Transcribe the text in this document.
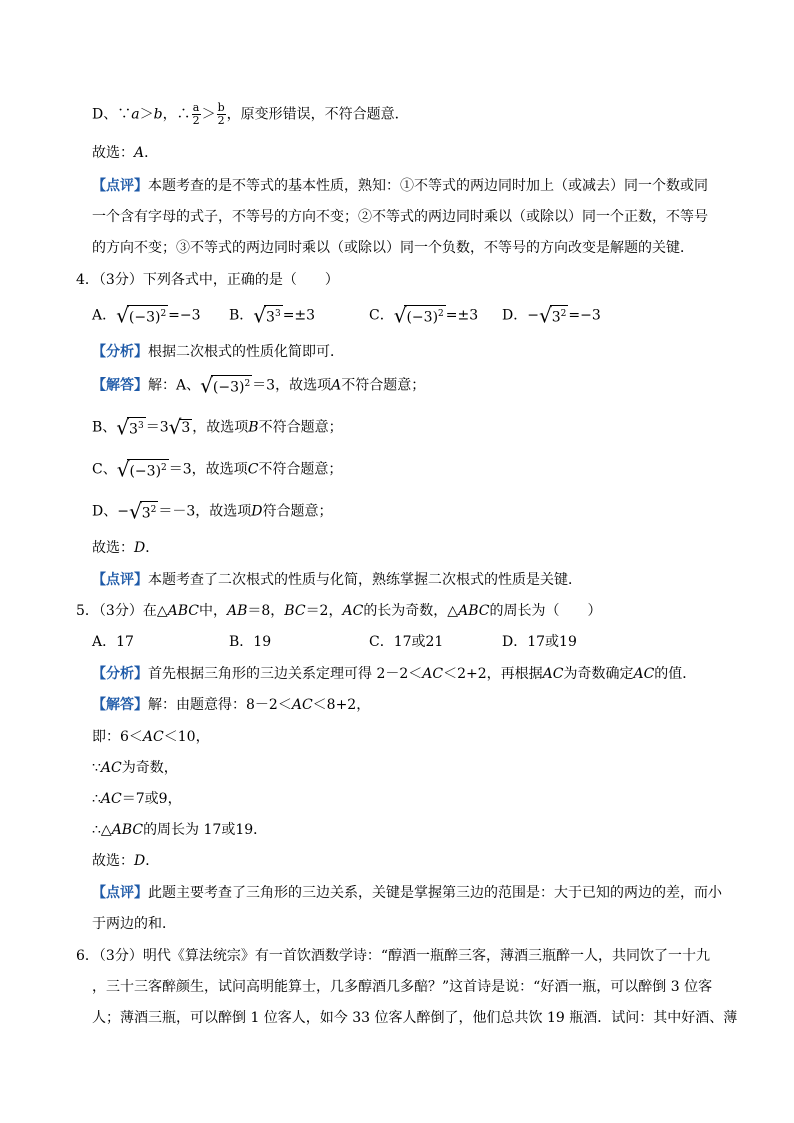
D、∵a＞b，∴ $\frac{a}{2} > \frac{b}{2}$ ，原变形错误，不符合题意．
故选：A．
【点评】本题考查的是不等式的基本性质，熟知：①不等式的两边同时加上（或减去）同一个数或同
一个含有字母的式子，不等号的方向不变；②不等式的两边同时乘以（或除以）同一个正数，不等号
的方向不变；③不等式的两边同时乘以（或除以）同一个负数，不等号的方向改变是解题的关键．
4．（3分）下列各式中，正确的是（　　）
A．$√(-3)^2 =-3$ B．$√3^3 =\pm 3$	C．$√(-3)^2 =\pm 3$ D．$-√3^2 =-3$
【分析】根据二次根式的性质化简即可．
【解答】解：A、$√(-3)^2 =3$，故选项A不符合题意；
B、$√3^3 =3√3$ ，故选项B不符合题意；
C、$√(-3)^2 =3$，故选项C不符合题意；
D、$-√3^2 =-3$，故选项D符合题意；
故选：D．
【点评】本题考查了二次根式的性质与化简，熟练掌握二次根式的性质是关键．
5．（3分）在△ABC中，AB＝8，BC＝2，AC的长为奇数，△ABC的周长为（　　）
A．17	B．19	C．17或21	D．17或19
【分析】首先根据三角形的三边关系定理可得 2－2＜AC＜2+2，再根据AC为奇数确定AC的值．
【解答】解：由题意得：8－2＜AC＜8+2，
即：6＜AC＜10，
∵AC为奇数，
∴AC＝7或9，
∴△ABC的周长为 17或19．
故选：D．
【点评】此题主要考查了三角形的三边关系，关键是掌握第三边的范围是：大于已知的两边的差，而小
于两边的和．
6．（3分）明代《算法统宗》有一首饮酒数学诗：“醇酒一瓶醉三客，薄酒三瓶醉一人，共同饮了一十九
，三十三客醉颜生，试问高明能算士，几多醇酒几多醅？”这首诗是说：“好酒一瓶，可以醉倒 3 位客
人；薄酒三瓶，可以醉倒 1 位客人，如今 33 位客人醉倒了，他们总共饮 19 瓶酒．试问：其中好酒、薄
